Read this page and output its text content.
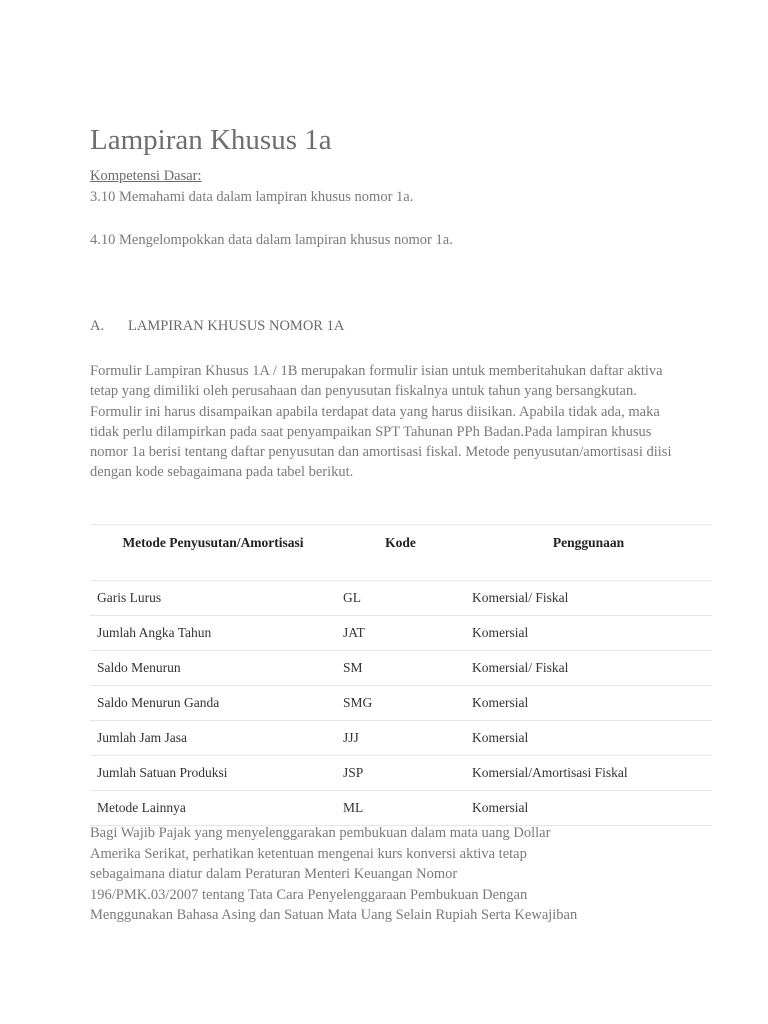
Lampiran Khusus 1a
Kompetensi Dasar:
3.10 Memahami data dalam lampiran khusus nomor 1a.
4.10 Mengelompokkan data dalam lampiran khusus nomor 1a.
A. LAMPIRAN KHUSUS NOMOR 1A

Formulir Lampiran Khusus 1A / 1B merupakan formulir isian untuk memberitahukan daftar aktiva tetap yang dimiliki oleh perusahaan dan penyusutan fiskalnya untuk tahun yang bersangkutan. Formulir ini harus disampaikan apabila terdapat data yang harus diisikan. Apabila tidak ada, maka tidak perlu dilampirkan pada saat penyampaikan SPT Tahunan PPh Badan.Pada lampiran khusus nomor 1a berisi tentang daftar penyusutan dan amortisasi fiskal. Metode penyusutan/amortisasi diisi dengan kode sebagaimana pada tabel berikut.

Metode Penyusutan/Amortisasi	Kode	Penggunaan
Garis Lurus	GL	Komersial/ Fiskal
Jumlah Angka Tahun	JAT	Komersial
Saldo Menurun	SM	Komersial/ Fiskal
Saldo Menurun Ganda	SMG	Komersial
Jumlah Jam Jasa	JJJ	Komersial
Jumlah Satuan Produksi	JSP	Komersial/Amortisasi Fiskal
Metode Lainnya	ML	Komersial
Bagi Wajib Pajak yang menyelenggarakan pembukuan dalam mata uang Dollar
Amerika Serikat, perhatikan ketentuan mengenai kurs konversi aktiva tetap
sebagaimana diatur dalam Peraturan Menteri Keuangan Nomor
196/PMK.03/2007 tentang Tata Cara Penyelenggaraan Pembukuan Dengan
Menggunakan Bahasa Asing dan Satuan Mata Uang Selain Rupiah Serta Kewajiban
